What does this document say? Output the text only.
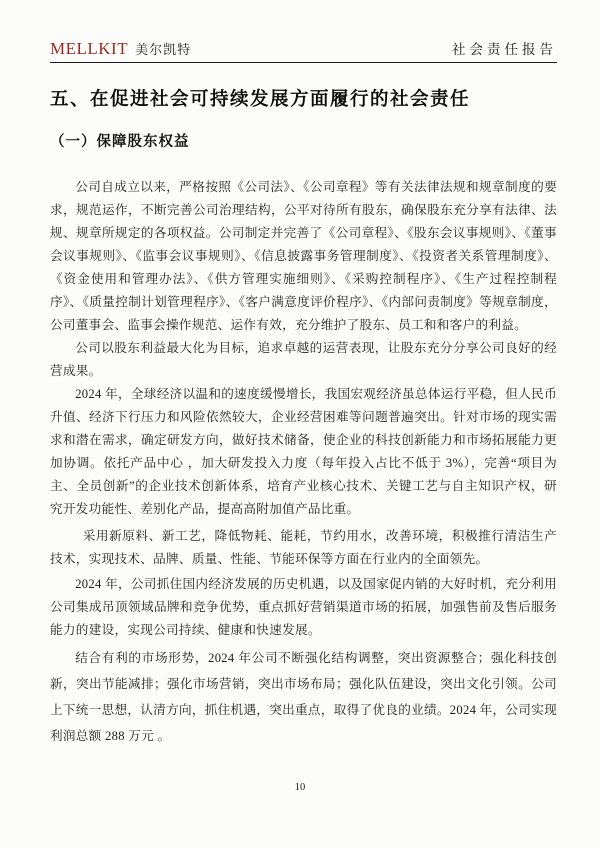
MELLKIT 美尔凯特	社会责任报告
五、在促进社会可持续发展方面履行的社会责任
（一）保障股东权益

公司自成立以来，严格按照《公司法》、《公司章程》等有关法律法规和规章制度的要求，规范运作，不断完善公司治理结构，公平对待所有股东，确保股东充分享有法律、法规、规章所规定的各项权益。公司制定并完善了《公司章程》、《股东会议事规则》、《董事会议事规则》、《监事会议事规则》、《信息披露事务管理制度》、《投资者关系管理制度》、《资金使用和管理办法》、《供方管理实施细则》、《采购控制程序》、《生产过程控制程序》、《质量控制计划管理程序》、《客户满意度评价程序》、《内部问责制度》等规章制度，公司董事会、监事会操作规范、运作有效，充分维护了股东、员工和和客户的利益。

公司以股东利益最大化为目标，追求卓越的运营表现，让股东充分分享公司良好的经营成果。

2024 年，全球经济以温和的速度缓慢增长，我国宏观经济虽总体运行平稳，但人民币升值、经济下行压力和风险依然较大，企业经营困难等问题普遍突出。针对市场的现实需求和潜在需求，确定研发方向，做好技术储备，使企业的科技创新能力和市场拓展能力更加协调。依托产品中心 ，加大研发投入力度（每年投入占比不低于 3%），完善“项目为主、全员创新”的企业技术创新体系，培育产业核心技术、关键工艺与自主知识产权，研究开发功能性、差别化产品，提高高附加值产品比重。

采用新原料、新工艺，降低物耗、能耗，节约用水，改善环境，积极推行清洁生产技术，实现技术、品牌、质量、性能、节能环保等方面在行业内的全面领先。

2024 年，公司抓住国内经济发展的历史机遇，以及国家促内销的大好时机，充分利用公司集成吊顶领域品牌和竞争优势，重点抓好营销渠道市场的拓展，加强售前及售后服务能力的建设，实现公司持续、健康和快速发展。

结合有利的市场形势，2024 年公司不断强化结构调整，突出资源整合；强化科技创新，突出节能减排；强化市场营销，突出市场布局；强化队伍建设，突出文化引领。公司上下统一思想，认清方向，抓住机遇，突出重点，取得了优良的业绩。2024 年，公司实现利润总额 288 万元 。

10
